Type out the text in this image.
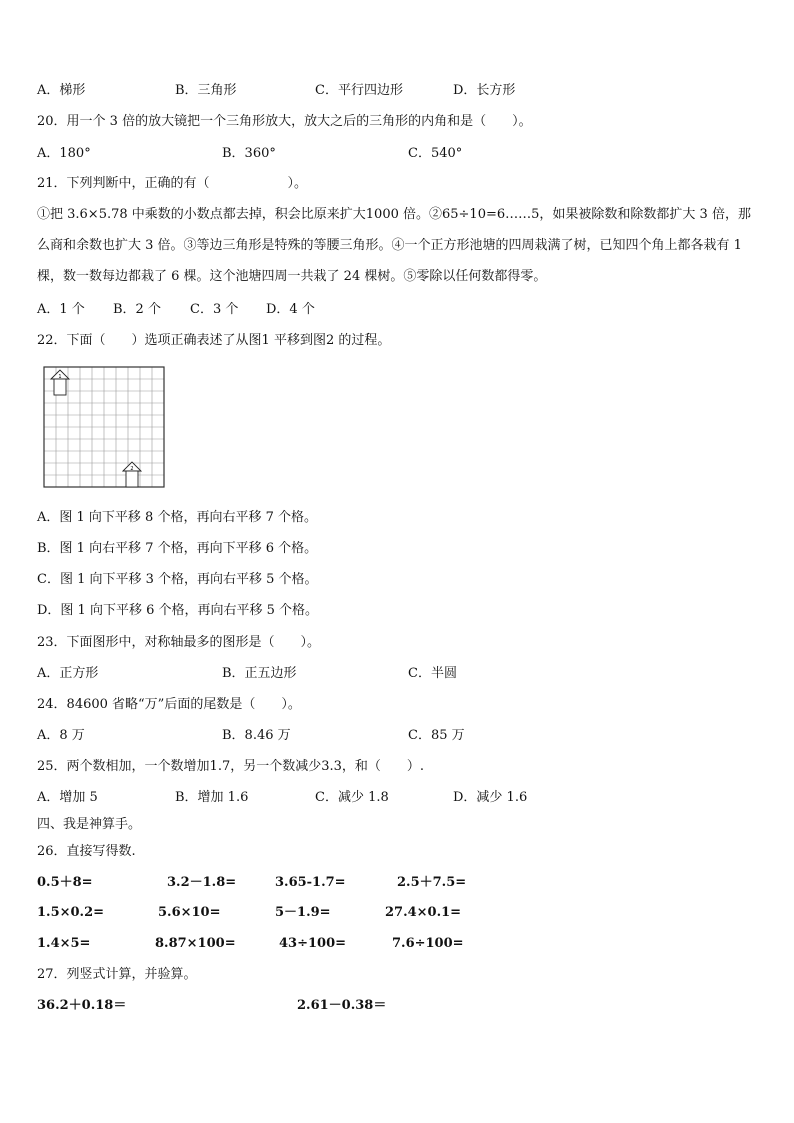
A．梯形	B．三角形	C．平行四边形	D．长方形
20．用一个 3 倍的放大镜把一个三角形放大，放大之后的三角形的内角和是（　　）。
A．180°	B．360°	C．540°
21．下列判断中，正确的有（　　　　　　）。
①把 3.6×5.78 中乘数的小数点都去掉，积会比原来扩大1000 倍。②65÷10=6……5，如果被除数和除数都扩大 3 倍，那么商和余数也扩大 3 倍。③等边三角形是特殊的等腰三角形。④一个正方形池塘的四周栽满了树，已知四个角上都各栽有 1 棵，数一数每边都栽了 6 棵。这个池塘四周一共栽了 24 棵树。⑤零除以任何数都得零。
A．1 个 B．2 个 C．3 个 D．4 个
22．下面（　　）选项正确表述了从图1 平移到图2 的过程。
1
2
A．图 1 向下平移 8 个格，再向右平移 7 个格。
B．图 1 向右平移 7 个格，再向下平移 6 个格。
C．图 1 向下平移 3 个格，再向右平移 5 个格。
D．图 1 向下平移 6 个格，再向右平移 5 个格。
23．下面图形中，对称轴最多的图形是（　　）。
A．正方形	B．正五边形	C．半圆
24．84600 省略“万”后面的尾数是（　　）。
A．8 万	B．8.46 万	C．85 万
25．两个数相加，一个数增加1.7，另一个数减少3.3，和（　　）.
A．增加 5	B．增加 1.6	C．减少 1.8	D．减少 1.6
四、我是神算手。
26．直接写得数.
0.5＋8=	3.2－1.8=	3.65-1.7=	2.5＋7.5=
1.5×0.2=	5.6×10=	5－1.9=	27.4×0.1=
1.4×5=	8.87×100=	43÷100=	7.6÷100=
27．列竖式计算，并验算。
36.2＋0.18＝	2.61－0.38＝
